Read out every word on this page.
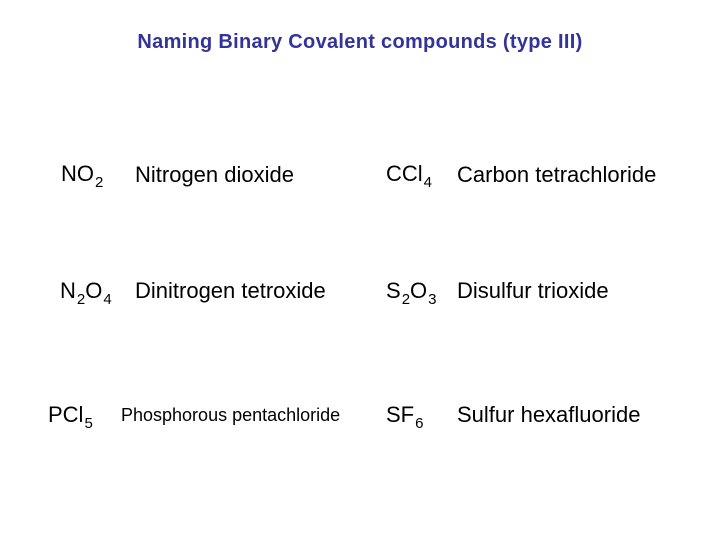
Naming Binary Covalent compounds (type III)
$NO_2$ Nitrogen dioxide	CCl$_4$ Carbon tetrachloride
$N_2O_4$ Dinitrogen tetroxide	$S_2O_3$ Disulfur trioxide
PCl$_5$ Phosphorous pentachloride $SF_6$ Sulfur hexafluoride
